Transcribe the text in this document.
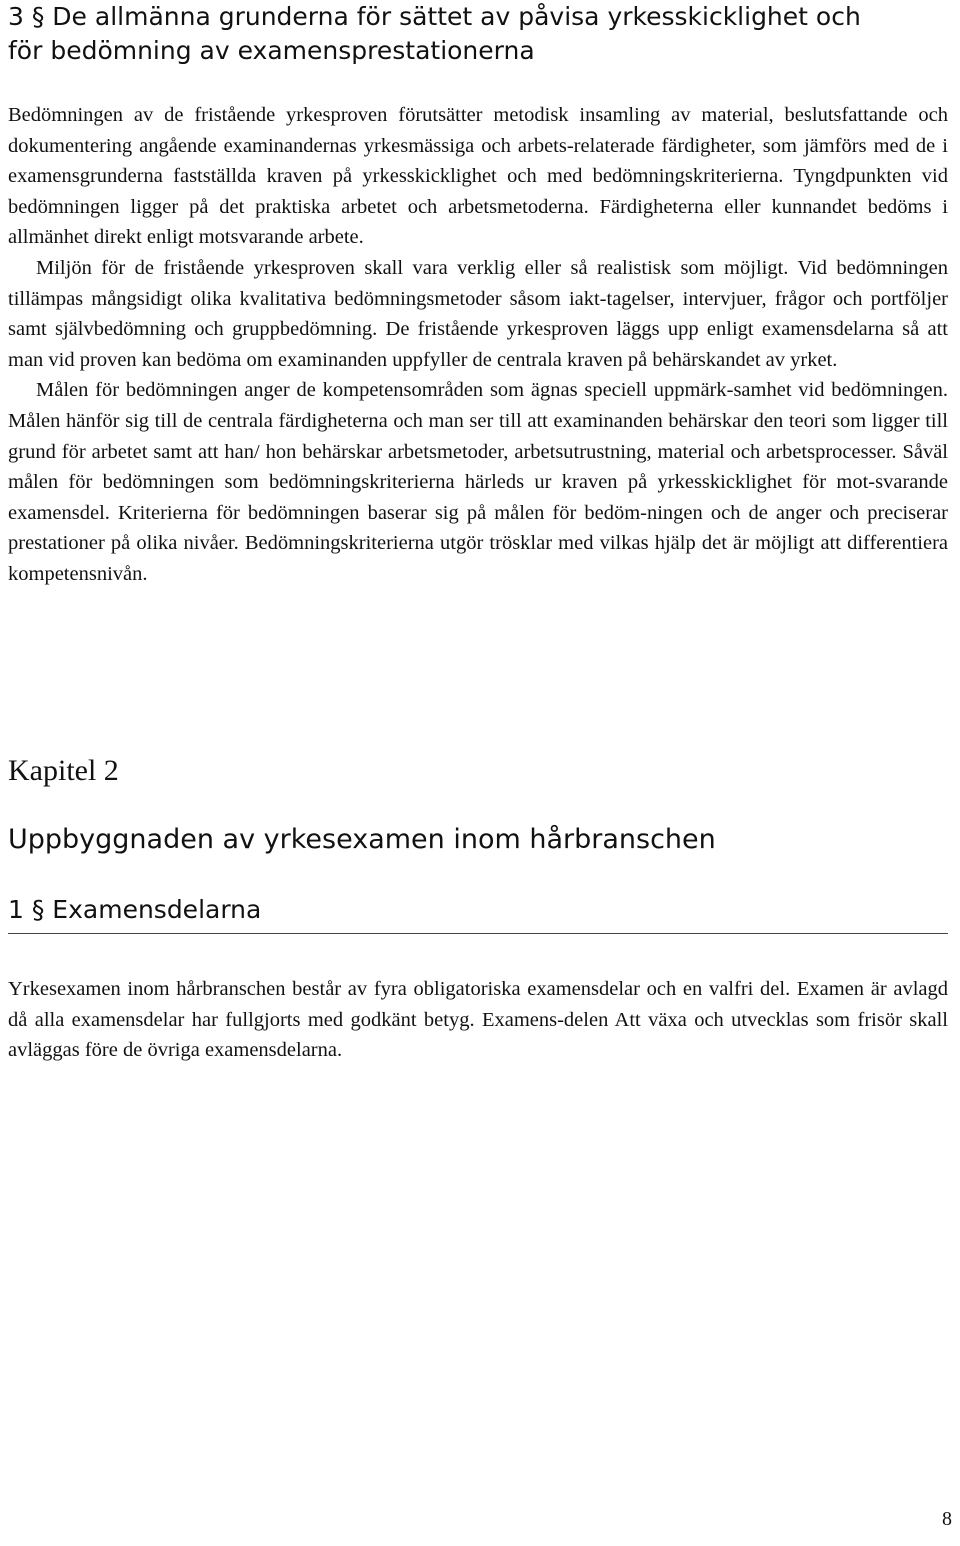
3 § De allmänna grunderna för sättet av påvisa yrkesskicklighet och
för bedömning av examensprestationerna

Bedömningen av de fristående yrkesproven förutsätter metodisk insamling av material, beslutsfattande och dokumentering angående examinandernas yrkesmässiga och arbets-relaterade färdigheter, som jämförs med de i examensgrunderna fastställda kraven på yrkesskicklighet och med bedömningskriterierna. Tyngdpunkten vid bedömningen ligger på det praktiska arbetet och arbetsmetoderna. Färdigheterna eller kunnandet bedöms i allmänhet direkt enligt motsvarande arbete.

Miljön för de fristående yrkesproven skall vara verklig eller så realistisk som möjligt. Vid bedömningen tillämpas mångsidigt olika kvalitativa bedömningsmetoder såsom iakt-tagelser, intervjuer, frågor och portföljer samt självbedömning och gruppbedömning. De fristående yrkesproven läggs upp enligt examensdelarna så att man vid proven kan bedöma om examinanden uppfyller de centrala kraven på behärskandet av yrket.

Målen för bedömningen anger de kompetensområden som ägnas speciell uppmärk-samhet vid bedömningen. Målen hänför sig till de centrala färdigheterna och man ser till att examinanden behärskar den teori som ligger till grund för arbetet samt att han/ hon behärskar arbetsmetoder, arbetsutrustning, material och arbetsprocesser. Såväl målen för bedömningen som bedömningskriterierna härleds ur kraven på yrkesskicklighet för mot-svarande examensdel. Kriterierna för bedömningen baserar sig på målen för bedöm-ningen och de anger och preciserar prestationer på olika nivåer. Bedömningskriterierna utgör trösklar med vilkas hjälp det är möjligt att differentiera kompetensnivån.

Kapitel 2
Uppbyggnaden av yrkesexamen inom hårbranschen
1 § Examensdelarna

Yrkesexamen inom hårbranschen består av fyra obligatoriska examensdelar och en valfri del. Examen är avlagd då alla examensdelar har fullgjorts med godkänt betyg. Examens-delen Att växa och utvecklas som frisör skall avläggas före de övriga examensdelarna.

8
